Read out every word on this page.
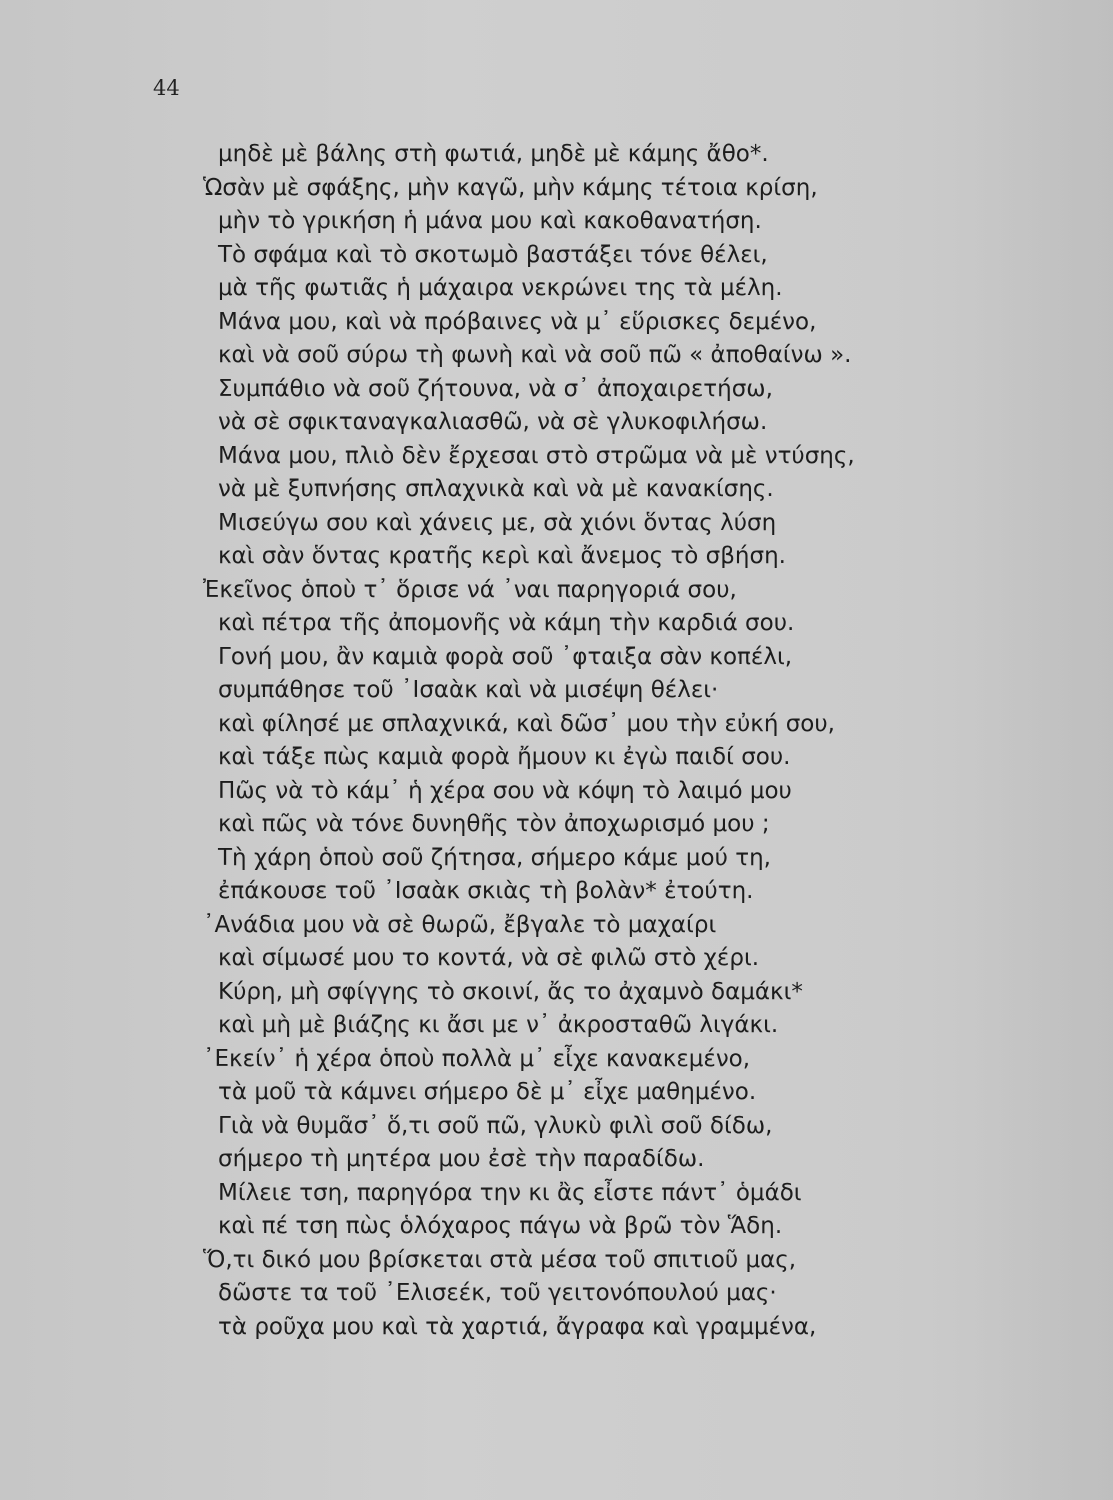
44
μηδὲ μὲ βάλης στὴ φωτιά, μηδὲ μὲ κάμης ἄθο*.
Ὡσὰν μὲ σφάξης, μὴν καγῶ, μὴν κάμης τέτοια κρίση,
μὴν τὸ γρικήση ἡ μάνα μου καὶ κακοθανατήση.
Τὸ σφάμα καὶ τὸ σκοτωμὸ βαστάξει τόνε θέλει,
μὰ τῆς φωτιᾶς ἡ μάχαιρα νεκρώνει της τὰ μέλη.
Μάνα μου, καὶ νὰ πρόβαινες νὰ μ᾽ εὕρισκες δεμένο,
καὶ νὰ σοῦ σύρω τὴ φωνὴ καὶ νὰ σοῦ πῶ « ἀποθαίνω ».
Συμπάθιο νὰ σοῦ ζήτουνα, νὰ σ᾽ ἀποχαιρετήσω,
νὰ σὲ σφικταναγκαλιασθῶ, νὰ σὲ γλυκοφιλήσω.
Μάνα μου, πλιὸ δὲν ἔρχεσαι στὸ στρῶμα νὰ μὲ ντύσης,
νὰ μὲ ξυπνήσης σπλαχνικὰ καὶ νὰ μὲ κανακίσης.
Μισεύγω σου καὶ χάνεις με, σὰ χιόνι ὅντας λύση
καὶ σὰν ὅντας κρατῆς κερὶ καὶ ἄνεμος τὸ σβήση.
Ἐκεῖνος ὁποὺ τ᾽ ὅρισε νά ᾽ναι παρηγοριά σου,
καὶ πέτρα τῆς ἀπομονῆς νὰ κάμη τὴν καρδιά σου.
Γονή μου, ἂν καμιὰ φορὰ σοῦ ᾽φταιξα σὰν κοπέλι,
συμπάθησε τοῦ ᾽Ισαὰκ καὶ νὰ μισέψη θέλει·
καὶ φίλησέ με σπλαχνικά, καὶ δῶσ᾽ μου τὴν εὐκή σου,
καὶ τάξε πὼς καμιὰ φορὰ ἤμουν κι ἐγὼ παιδί σου.
Πῶς νὰ τὸ κάμ᾽ ἡ χέρα σου νὰ κόψη τὸ λαιμό μου
καὶ πῶς νὰ τόνε δυνηθῆς τὸν ἀποχωρισμό μου ;
Τὴ χάρη ὁποὺ σοῦ ζήτησα, σήμερο κάμε μού τη,
ἐπάκουσε τοῦ ᾽Ισαὰκ σκιὰς τὴ βολὰν* ἐτούτη.
᾽Ανάδια μου νὰ σὲ θωρῶ, ἔβγαλε τὸ μαχαίρι
καὶ σίμωσέ μου το κοντά, νὰ σὲ φιλῶ στὸ χέρι.
Κύρη, μὴ σφίγγης τὸ σκοινί, ἄς το ἀχαμνὸ δαμάκι*
καὶ μὴ μὲ βιάζης κι ἄσι με ν᾽ ἀκροσταθῶ λιγάκι.
᾽Εκείν᾽ ἡ χέρα ὁποὺ πολλὰ μ᾽ εἶχε κανακεμένο,
τὰ μοῦ τὰ κάμνει σήμερο δὲ μ᾽ εἶχε μαθημένο.
Γιὰ νὰ θυμᾶσ᾽ ὅ,τι σοῦ πῶ, γλυκὺ φιλὶ σοῦ δίδω,
σήμερο τὴ μητέρα μου ἐσὲ τὴν παραδίδω.
Μίλειε τση, παρηγόρα την κι ἂς εἶστε πάντ᾽ ὁμάδι
καὶ πέ τση πὼς ὁλόχαρος πάγω νὰ βρῶ τὸν Ἅδη.
Ὅ,τι δικό μου βρίσκεται στὰ μέσα τοῦ σπιτιοῦ μας,
δῶστε τα τοῦ ᾽Ελισεέκ, τοῦ γειτονόπουλού μας·
τὰ ροῦχα μου καὶ τὰ χαρτιά, ἄγραφα καὶ γραμμένα,
